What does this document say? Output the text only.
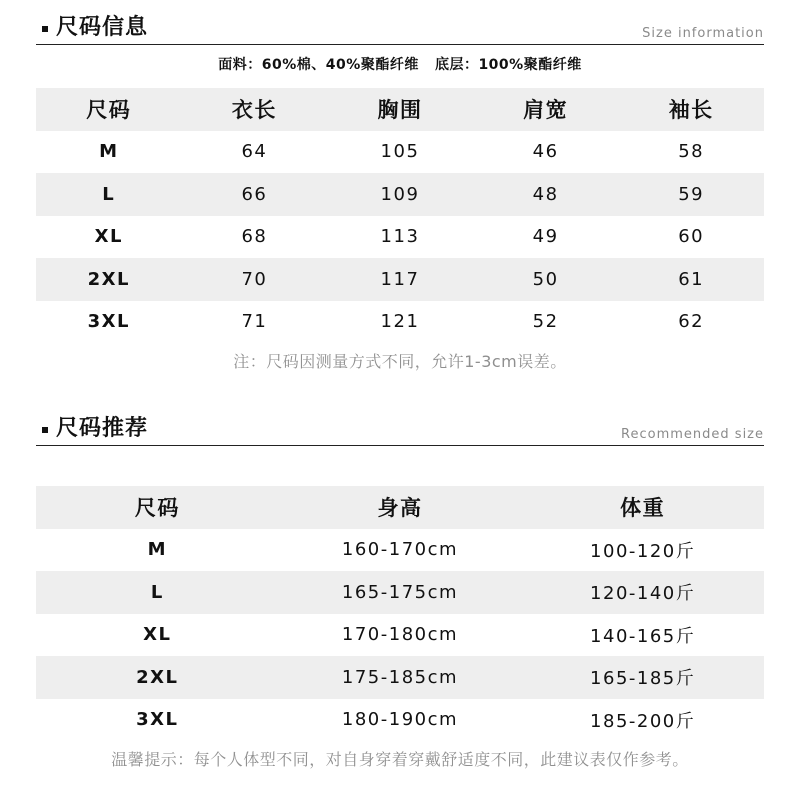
尺码信息	Size information
面料：60%棉、40%聚酯纤维   底层：100%聚酯纤维
尺码	衣长	胸围	肩宽	袖长
M	64	105	46	58
L	66	109	48	59
XL	68	113	49	60
2XL	70	117	50	61
3XL	71	121	52	62
注：尺码因测量方式不同，允许1-3cm误差。
尺码推荐	Recommended size
尺码	身高	体重
M	160-170cm	100-120斤
L	165-175cm	120-140斤
XL	170-180cm	140-165斤
2XL	175-185cm	165-185斤
3XL	180-190cm	185-200斤
温馨提示：每个人体型不同，对自身穿着穿戴舒适度不同，此建议表仅作参考。
